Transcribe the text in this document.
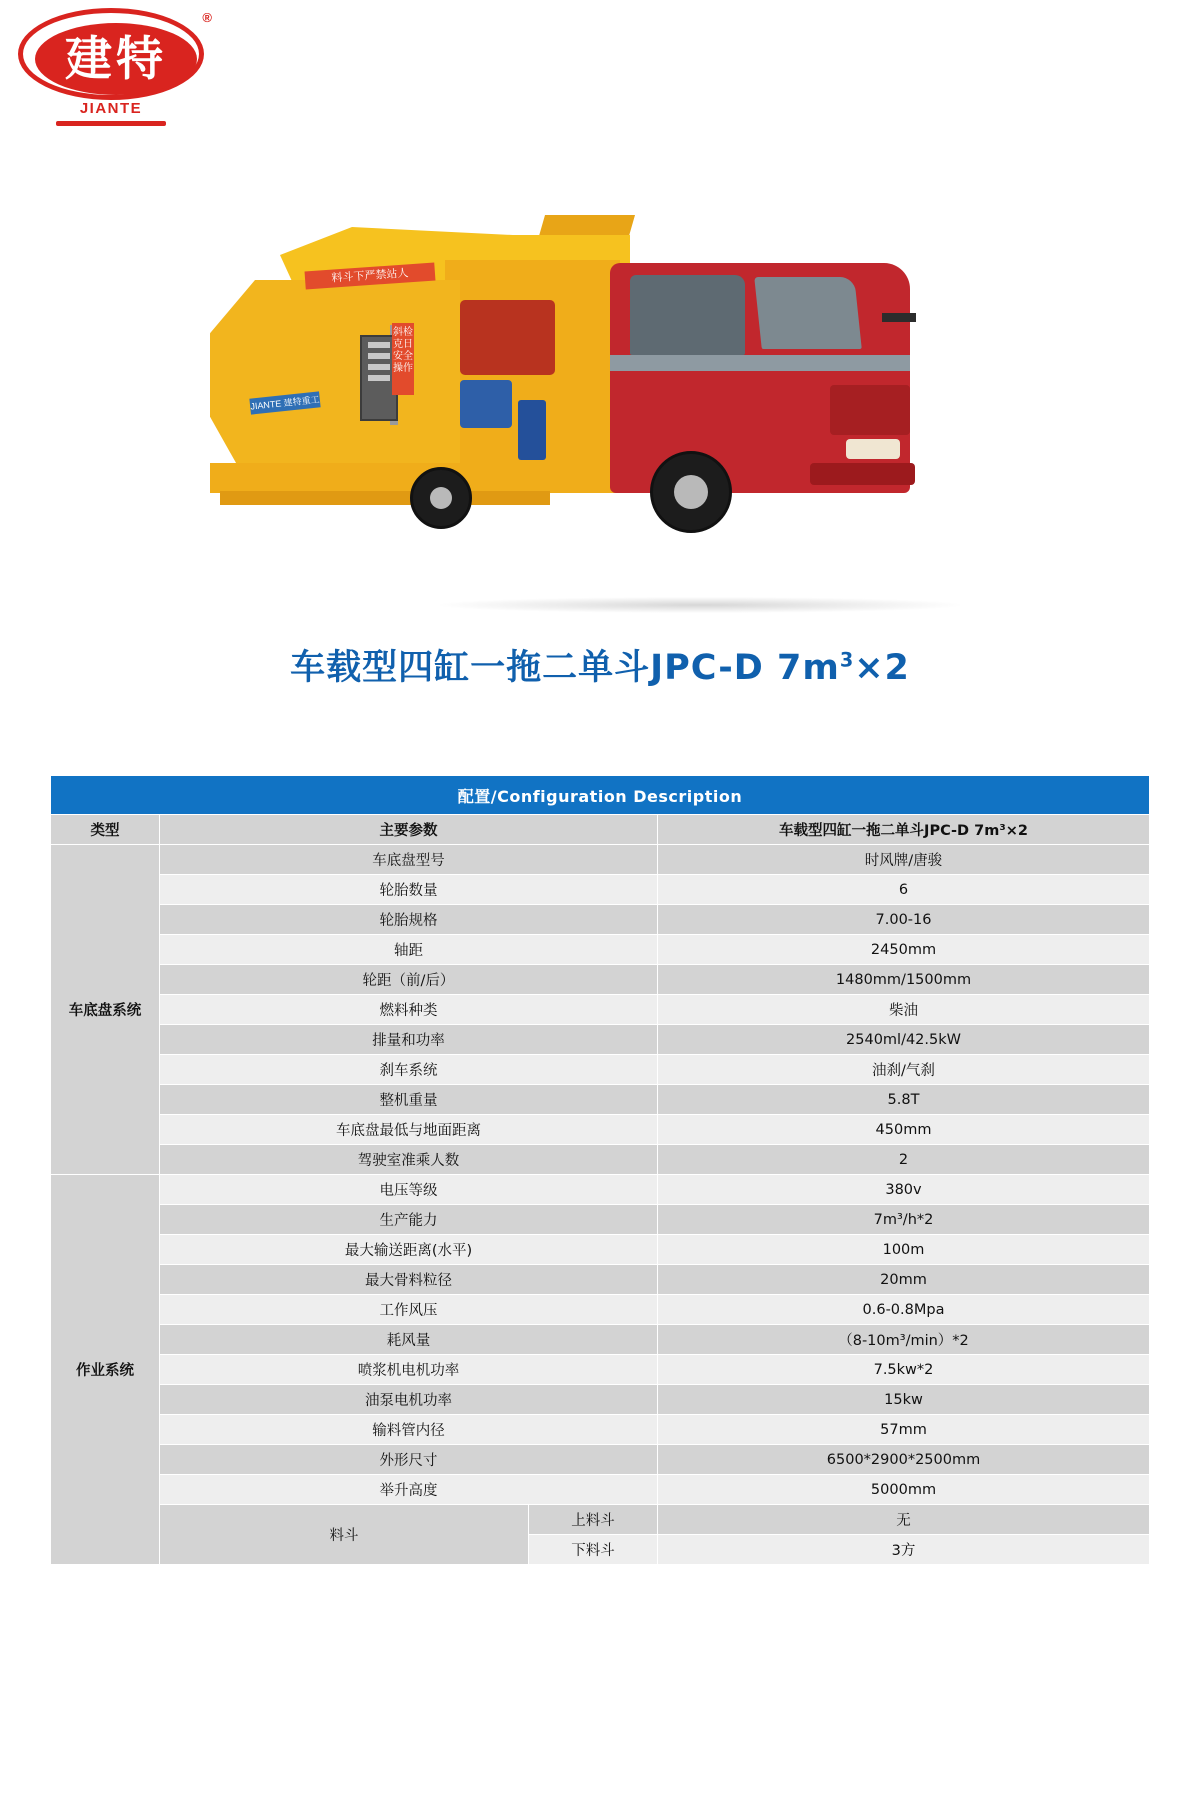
建特
®
JIANTE
料斗下严禁站人
斜检克日 安全操作
JIANTE 建特重工
车载型四缸一拖二单斗JPC-D $7m^3\times 2$
配置/Configuration Description			
类型	主要参数		车载型四缸一拖二单斗JPC-D 7m³×2
车底盘系统	车底盘型号		时风牌/唐骏
	轮胎数量		6
	轮胎规格		7.00-16
	轴距		2450mm
	轮距（前/后）		1480mm/1500mm
	燃料种类		柴油
	排量和功率		2540ml/42.5kW
	刹车系统		油刹/气刹
	整机重量		5.8T
	车底盘最低与地面距离		450mm
	驾驶室准乘人数		2
作业系统	电压等级		380v
	生产能力		7m³/h*2
	最大输送距离(水平)		100m
	最大骨料粒径		20mm
	工作风压		0.6-0.8Mpa
	耗风量		（8-10m³/min）*2
	喷浆机电机功率		7.5kw*2
	油泵电机功率		15kw
	输料管内径		57mm
	外形尺寸		6500*2900*2500mm
	举升高度		5000mm
	料斗	上料斗	无
		下料斗	3方
